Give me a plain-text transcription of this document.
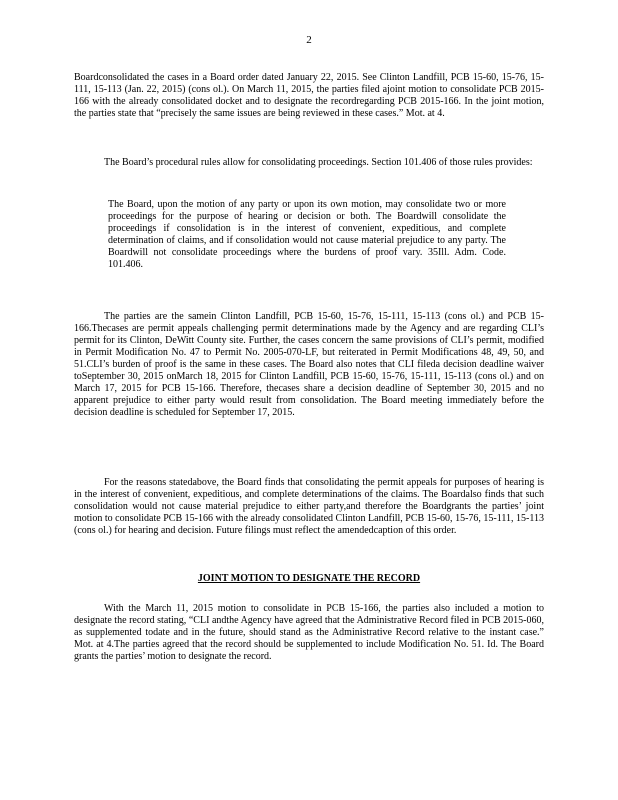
2
Boardconsolidated the cases in a Board order dated January 22, 2015. See Clinton Landfill, PCB 15-60, 15-76, 15-111, 15-113 (Jan. 22, 2015) (cons ol.). On March 11, 2015, the parties filed ajoint motion to consolidate PCB 2015-166 with the already consolidated docket and to designate the recordregarding PCB 2015-166. In the joint motion, the parties state that “precisely the same issues are being reviewed in these cases.” Mot. at 4.
   The Board’s procedural rules allow for consolidating proceedings. Section 101.406 of those rules provides:
The Board, upon the motion of any party or upon its own motion, may consolidate two or more proceedings for the purpose of hearing or decision or both. The Boardwill consolidate the proceedings if consolidation is in the interest of convenient, expeditious, and complete determination of claims, and if consolidation would not cause material prejudice to any party. The Boardwill not consolidate proceedings where the burdens of proof vary. 35Ill. Adm. Code. 101.406.
   The parties are the samein Clinton Landfill, PCB 15-60, 15-76, 15-111, 15-113 (cons ol.) and PCB 15-166.Thecases are permit appeals challenging permit determinations made by the Agency and are regarding CLI’s permit for its Clinton, DeWitt County site. Further, the cases concern the same provisions of CLI’s permit, modified in Permit Modification No. 47 to Permit No. 2005-070-LF, but reiterated in Permit Modifications 48, 49, 50, and 51.CLI’s burden of proof is the same in these cases. The Board also notes that CLI fileda decision deadline waiver toSeptember 30, 2015 onMarch 18, 2015 for Clinton Landfill, PCB 15-60, 15-76, 15-111, 15-113 (cons ol.) and on March 17, 2015 for PCB 15-166. Therefore, thecases share a decision deadline of September 30, 2015 and no apparent prejudice to either party would result from consolidation. The Board meeting immediately before the decision deadline is scheduled for September 17, 2015.
   For the reasons statedabove, the Board finds that consolidating the permit appeals for purposes of hearing is in the interest of convenient, expeditious, and complete determinations of the claims. The Boardalso finds that such consolidation would not cause material prejudice to either party,and therefore the Boardgrants the parties’ joint motion to consolidate PCB 15-166 with the already consolidated Clinton Landfill, PCB 15-60, 15-76, 15-111, 15-113 (cons ol.) for hearing and decision. Future filings must reflect the amendedcaption of this order.
JOINT MOTION TO DESIGNATE THE RECORD
   With the March 11, 2015 motion to consolidate in PCB 15-166, the parties also included a motion to designate the record stating, “CLI andthe Agency have agreed that the Administrative Record filed in PCB 2015-060, as supplemented todate and in the future, should stand as the Administrative Record relative to the instant case.” Mot. at 4.The parties agreed that the record should be supplemented to include Modification No. 51. Id. The Board grants the parties’ motion to designate the record.
